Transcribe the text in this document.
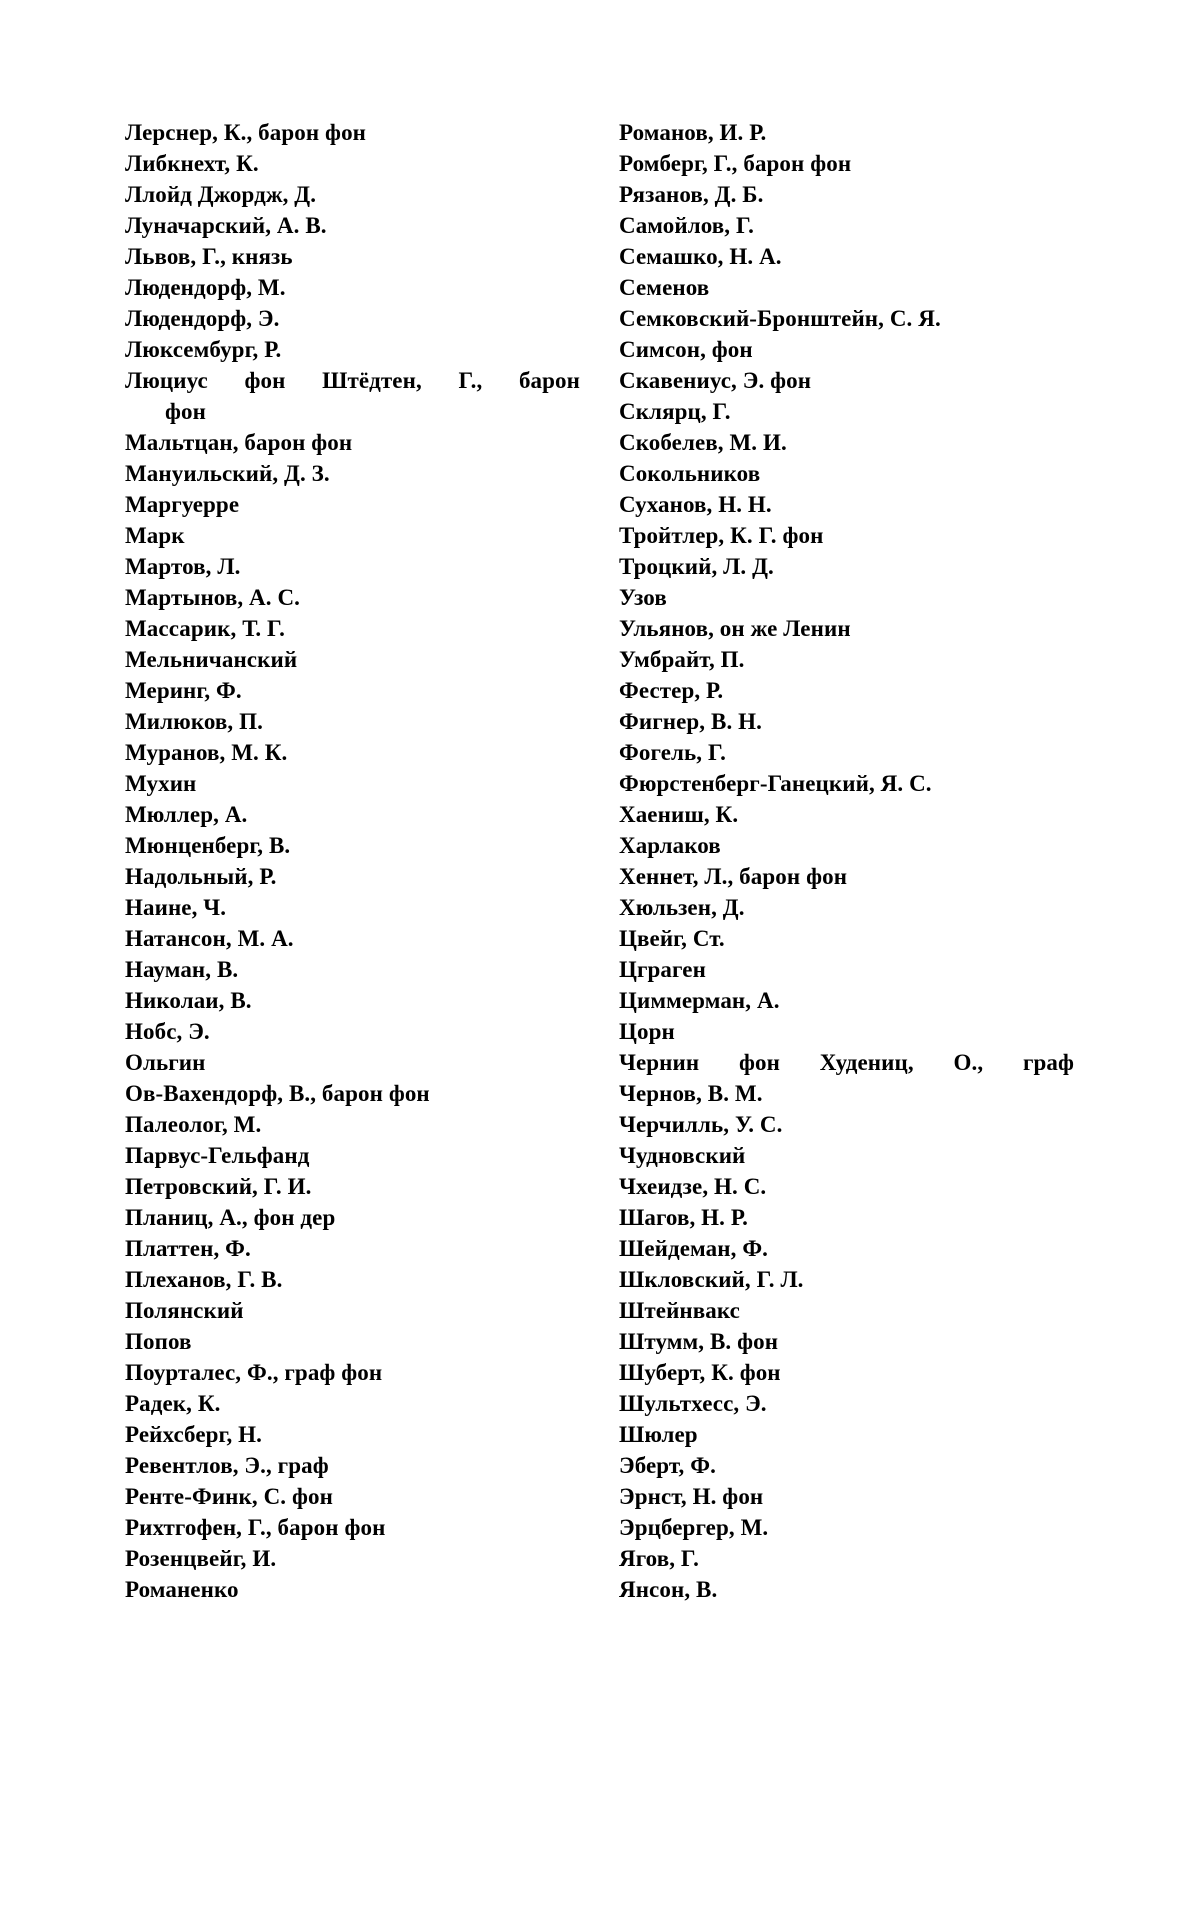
Лерснер, К., барон фон
Либкнехт, К.
Ллойд Джордж, Д.
Луначарский, А. В.
Львов, Г., князь
Людендорф, М.
Людендорф, Э.
Люксембург, Р.
Люциус фон Штёдтен, Г., барон
фон
Мальтцан, барон фон
Мануильский, Д. З.
Маргуерре
Марк
Мартов, Л.
Мартынов, А. С.
Массарик, Т. Г.
Мельничанский
Меринг, Ф.
Милюков, П.
Муранов, М. К.
Мухин
Мюллер, А.
Мюнценберг, В.
Надольный, Р.
Наине, Ч.
Натансон, М. А.
Науман, В.
Николаи, В.
Нобс, Э.
Ольгин
Ов-Вахендорф, В., барон фон
Палеолог, М.
Парвус-Гельфанд
Петровский, Г. И.
Планиц, А., фон дер
Платтен, Ф.
Плеханов, Г. В.
Полянский
Попов
Поурталес, Ф., граф фон
Радек, К.
Рейхсберг, Н.
Ревентлов, Э., граф
Ренте-Финк, С. фон
Рихтгофен, Г., барон фон
Розенцвейг, И.
Романенко
Романов, И. Р.
Ромберг, Г., барон фон
Рязанов, Д. Б.
Самойлов, Г.
Семашко, Н. А.
Семенов
Семковский-Бронштейн, С. Я.
Симсон, фон
Скавениус, Э. фон
Склярц, Г.
Скобелев, М. И.
Сокольников
Суханов, Н. Н.
Тройтлер, К. Г. фон
Троцкий, Л. Д.
Узов
Ульянов, он же Ленин
Умбрайт, П.
Фестер, Р.
Фигнер, В. Н.
Фогель, Г.
Фюрстенберг-Ганецкий, Я. С.
Хаениш, К.
Харлаков
Хеннет, Л., барон фон
Хюльзен, Д.
Цвейг, Ст.
Цграген
Циммерман, А.
Цорн
Чернин фон Худениц, О., граф
Чернов, В. М.
Черчилль, У. С.
Чудновский
Чхеидзе, Н. С.
Шагов, Н. Р.
Шейдеман, Ф.
Шкловский, Г. Л.
Штейнвакс
Штумм, В. фон
Шуберт, К. фон
Шультхесс, Э.
Шюлер
Эберт, Ф.
Эрнст, Н. фон
Эрцбергер, М.
Ягов, Г.
Янсон, В.
